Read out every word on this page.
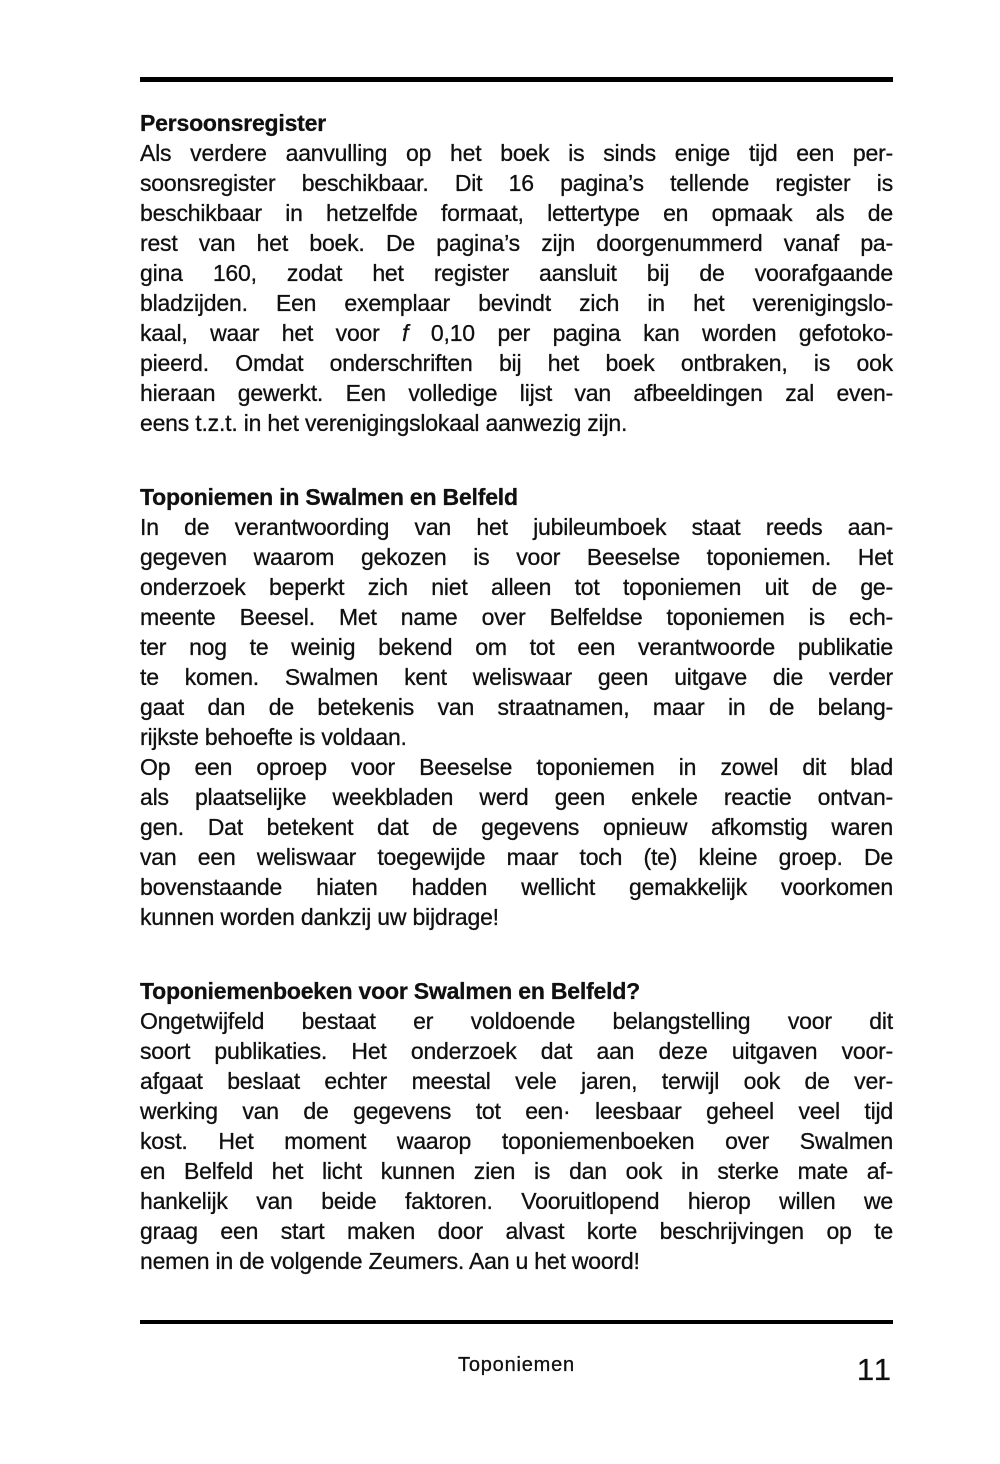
Persoonsregister
Als verdere aanvulling op het boek is sinds enige tijd een per-
soonsregister beschikbaar. Dit 16 pagina’s tellende register is
beschikbaar in hetzelfde formaat, lettertype en opmaak als de
rest van het boek. De pagina’s zijn doorgenummerd vanaf pa-
gina 160, zodat het register aansluit bij de voorafgaande
bladzijden. Een exemplaar bevindt zich in het verenigingslo-
kaal, waar het voor f 0,10 per pagina kan worden gefotoko-
pieerd. Omdat onderschriften bij het boek ontbraken, is ook
hieraan gewerkt. Een volledige lijst van afbeeldingen zal even-
eens t.z.t. in het verenigingslokaal aanwezig zijn.
Toponiemen in Swalmen en Belfeld
In de verantwoording van het jubileumboek staat reeds aan-
gegeven waarom gekozen is voor Beeselse toponiemen. Het
onderzoek beperkt zich niet alleen tot toponiemen uit de ge-
meente Beesel. Met name over Belfeldse toponiemen is ech-
ter nog te weinig bekend om tot een verantwoorde publikatie
te komen. Swalmen kent weliswaar geen uitgave die verder
gaat dan de betekenis van straatnamen, maar in de belang-
rijkste behoefte is voldaan.
Op een oproep voor Beeselse toponiemen in zowel dit blad
als plaatselijke weekbladen werd geen enkele reactie ontvan-
gen. Dat betekent dat de gegevens opnieuw afkomstig waren
van een weliswaar toegewijde maar toch (te) kleine groep. De
bovenstaande hiaten hadden wellicht gemakkelijk voorkomen
kunnen worden dankzij uw bijdrage!
Toponiemenboeken voor Swalmen en Belfeld?
Ongetwijfeld bestaat er voldoende belangstelling voor dit
soort publikaties. Het onderzoek dat aan deze uitgaven voor-
afgaat beslaat echter meestal vele jaren, terwijl ook de ver-
werking van de gegevens tot een· leesbaar geheel veel tijd
kost. Het moment waarop toponiemenboeken over Swalmen
en Belfeld het licht kunnen zien is dan ook in sterke mate af-
hankelijk van beide faktoren. Vooruitlopend hierop willen we
graag een start maken door alvast korte beschrijvingen op te
nemen in de volgende Zeumers. Aan u het woord!
Toponiemen	11
